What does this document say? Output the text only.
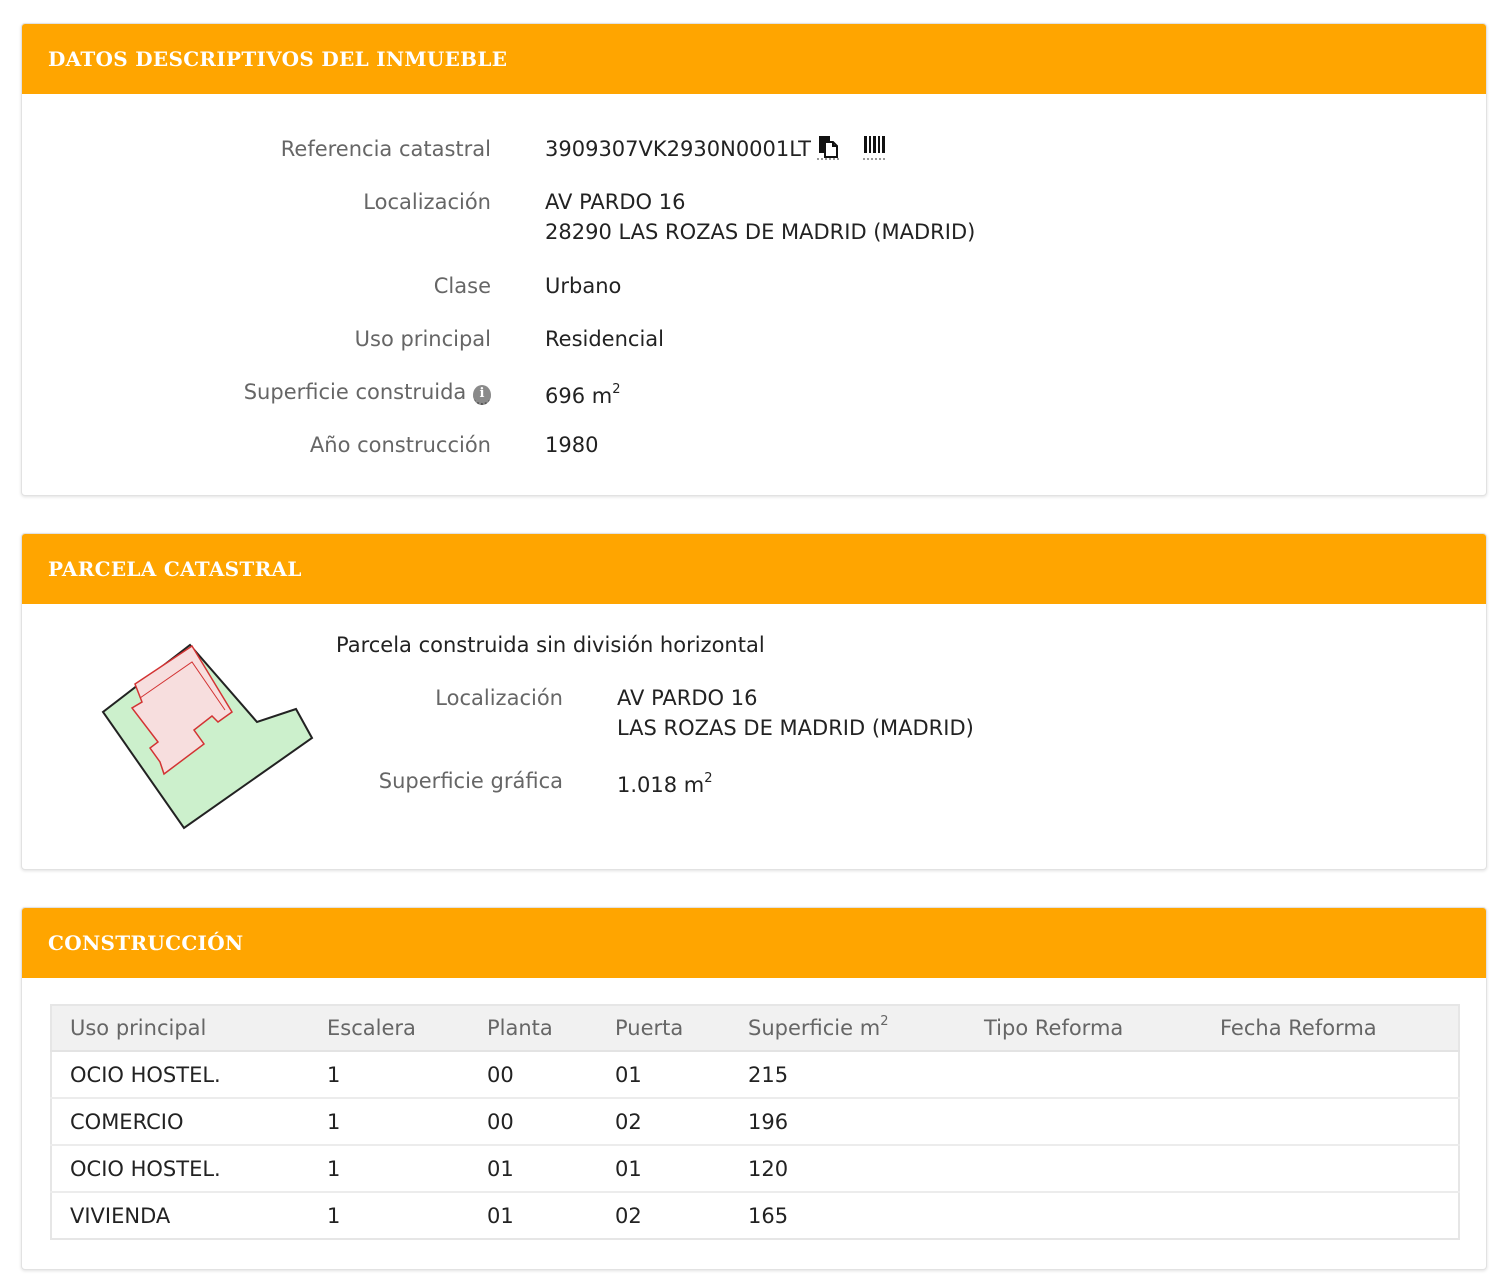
DATOS DESCRIPTIVOS DEL INMUEBLE
Referencia catastral	3909307VK2930N0001LT
Localización	AV PARDO 16
28290 LAS ROZAS DE MADRID (MADRID)
Clase	Urbano
Uso principal	Residencial
Superficie construida i	696 $m^2$
Año construcción	1980
PARCELA CATASTRAL
Parcela construida sin división horizontal
Localización	AV PARDO 16
LAS ROZAS DE MADRID (MADRID)
Superficie gráfica	1.018 $m^2$
CONSTRUCCIÓN
Uso principal	Escalera	Planta	Puerta	Superficie $m^2$	Tipo Reforma	Fecha Reforma
OCIO HOSTEL.	1	00	01	215		
COMERCIO	1	00	02	196		
OCIO HOSTEL.	1	01	01	120		
VIVIENDA	1	01	02	165		
